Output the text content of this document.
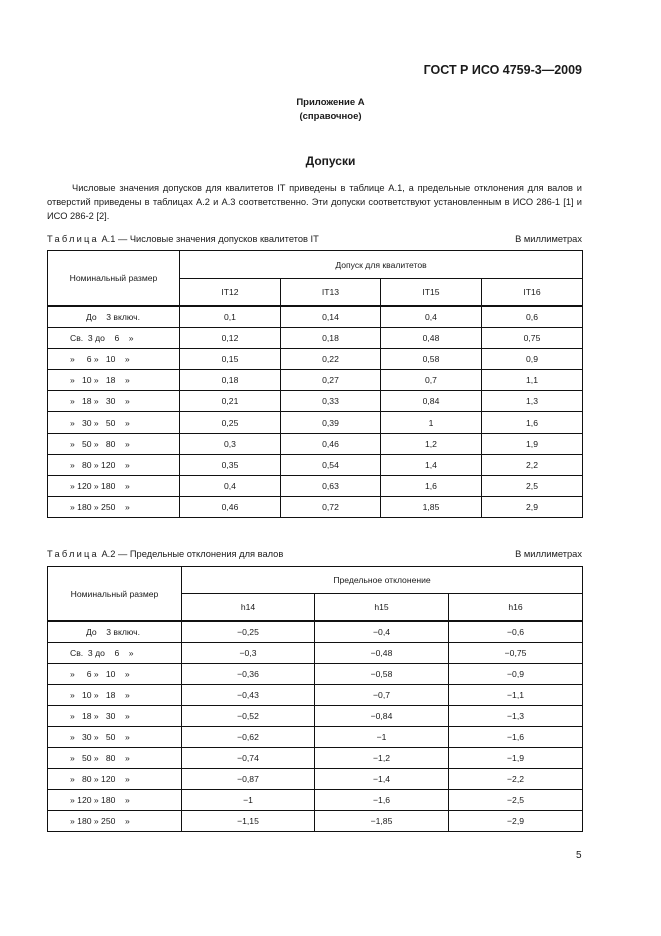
ГОСТ Р ИСО 4759-3—2009
Приложение А
(справочное)
Допуски
Числовые значения допусков для квалитетов IT приведены в таблице А.1, а предельные отклонения для валов и отверстий приведены в таблицах А.2 и А.3 соответственно. Эти допуски соответствуют установленным в ИСО 286-1 [1] и ИСО 286-2 [2].
Таблица А.1 — Числовые значения допусков квалитетов IT	В миллиметрах
Номинальный размер	Допуск для квалитетов			
	IT12	IT13	IT15	IT16
До    3 включ.	0,1	0,14	0,4	0,6
Св.  3 до    6    »	0,12	0,18	0,48	0,75
»     6 »   10    »	0,15	0,22	0,58	0,9
»   10 »   18    »	0,18	0,27	0,7	1,1
»   18 »   30    »	0,21	0,33	0,84	1,3
»   30 »   50    »	0,25	0,39	1	1,6
»   50 »   80    »	0,3	0,46	1,2	1,9
»   80 » 120    »	0,35	0,54	1,4	2,2
» 120 » 180    »	0,4	0,63	1,6	2,5
» 180 » 250    »	0,46	0,72	1,85	2,9
Таблица А.2 — Предельные отклонения для валов	В миллиметрах
Номинальный размер	Предельное отклонение		
	h14	h15	h16
До    3 включ.	−0,25	−0,4	−0,6
Св.  3 до    6    »	−0,3	−0,48	−0,75
»     6 »   10    »	−0,36	−0,58	−0,9
»   10 »   18    »	−0,43	−0,7	−1,1
»   18 »   30    »	−0,52	−0,84	−1,3
»   30 »   50    »	−0,62	−1	−1,6
»   50 »   80    »	−0,74	−1,2	−1,9
»   80 » 120    »	−0,87	−1,4	−2,2
» 120 » 180    »	−1	−1,6	−2,5
» 180 » 250    »	−1,15	−1,85	−2,9
5
